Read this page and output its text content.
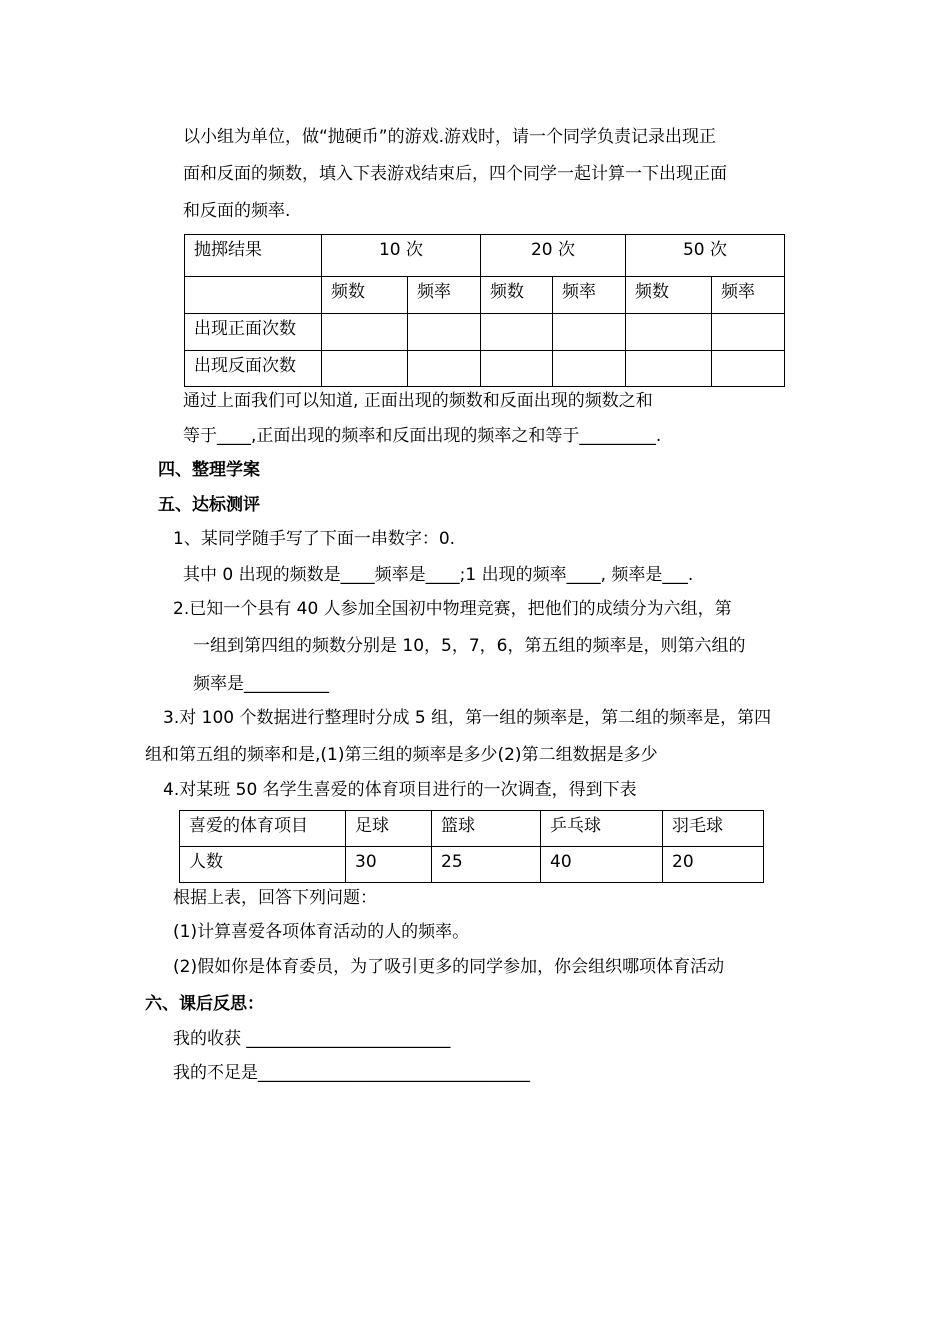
以小组为单位，做“抛硬币”的游戏.游戏时，请一个同学负责记录出现正
面和反面的频数，填入下表游戏结束后，四个同学一起计算一下出现正面
和反面的频率.
抛掷结果	10 次		20 次		50 次	
	频数	频率	频数	频率	频数	频率
出现正面次数						
出现反面次数						
通过上面我们可以知道, 正面出现的频数和反面出现的频数之和
等于____,正面出现的频率和反面出现的频率之和等于_________.
四、整理学案
五、达标测评
1、某同学随手写了下面一串数字：0.
其中 0 出现的频数是____频率是____;1 出现的频率____, 频率是___.
2.已知一个县有 40 人参加全国初中物理竞赛，把他们的成绩分为六组，第
一组到第四组的频数分别是 10，5，7，6，第五组的频率是，则第六组的
频率是__________
3.对 100 个数据进行整理时分成 5 组，第一组的频率是，第二组的频率是，第四
组和第五组的频率和是,(1)第三组的频率是多少(2)第二组数据是多少
4.对某班 50 名学生喜爱的体育项目进行的一次调查，得到下表
喜爱的体育项目	足球	篮球	乒乓球	羽毛球
人数	30	25	40	20
根据上表，回答下列问题：
(1)计算喜爱各项体育活动的人的频率。
(2)假如你是体育委员，为了吸引更多的同学参加，你会组织哪项体育活动
六、课后反思：
我的收获 ________________________
我的不足是________________________________
